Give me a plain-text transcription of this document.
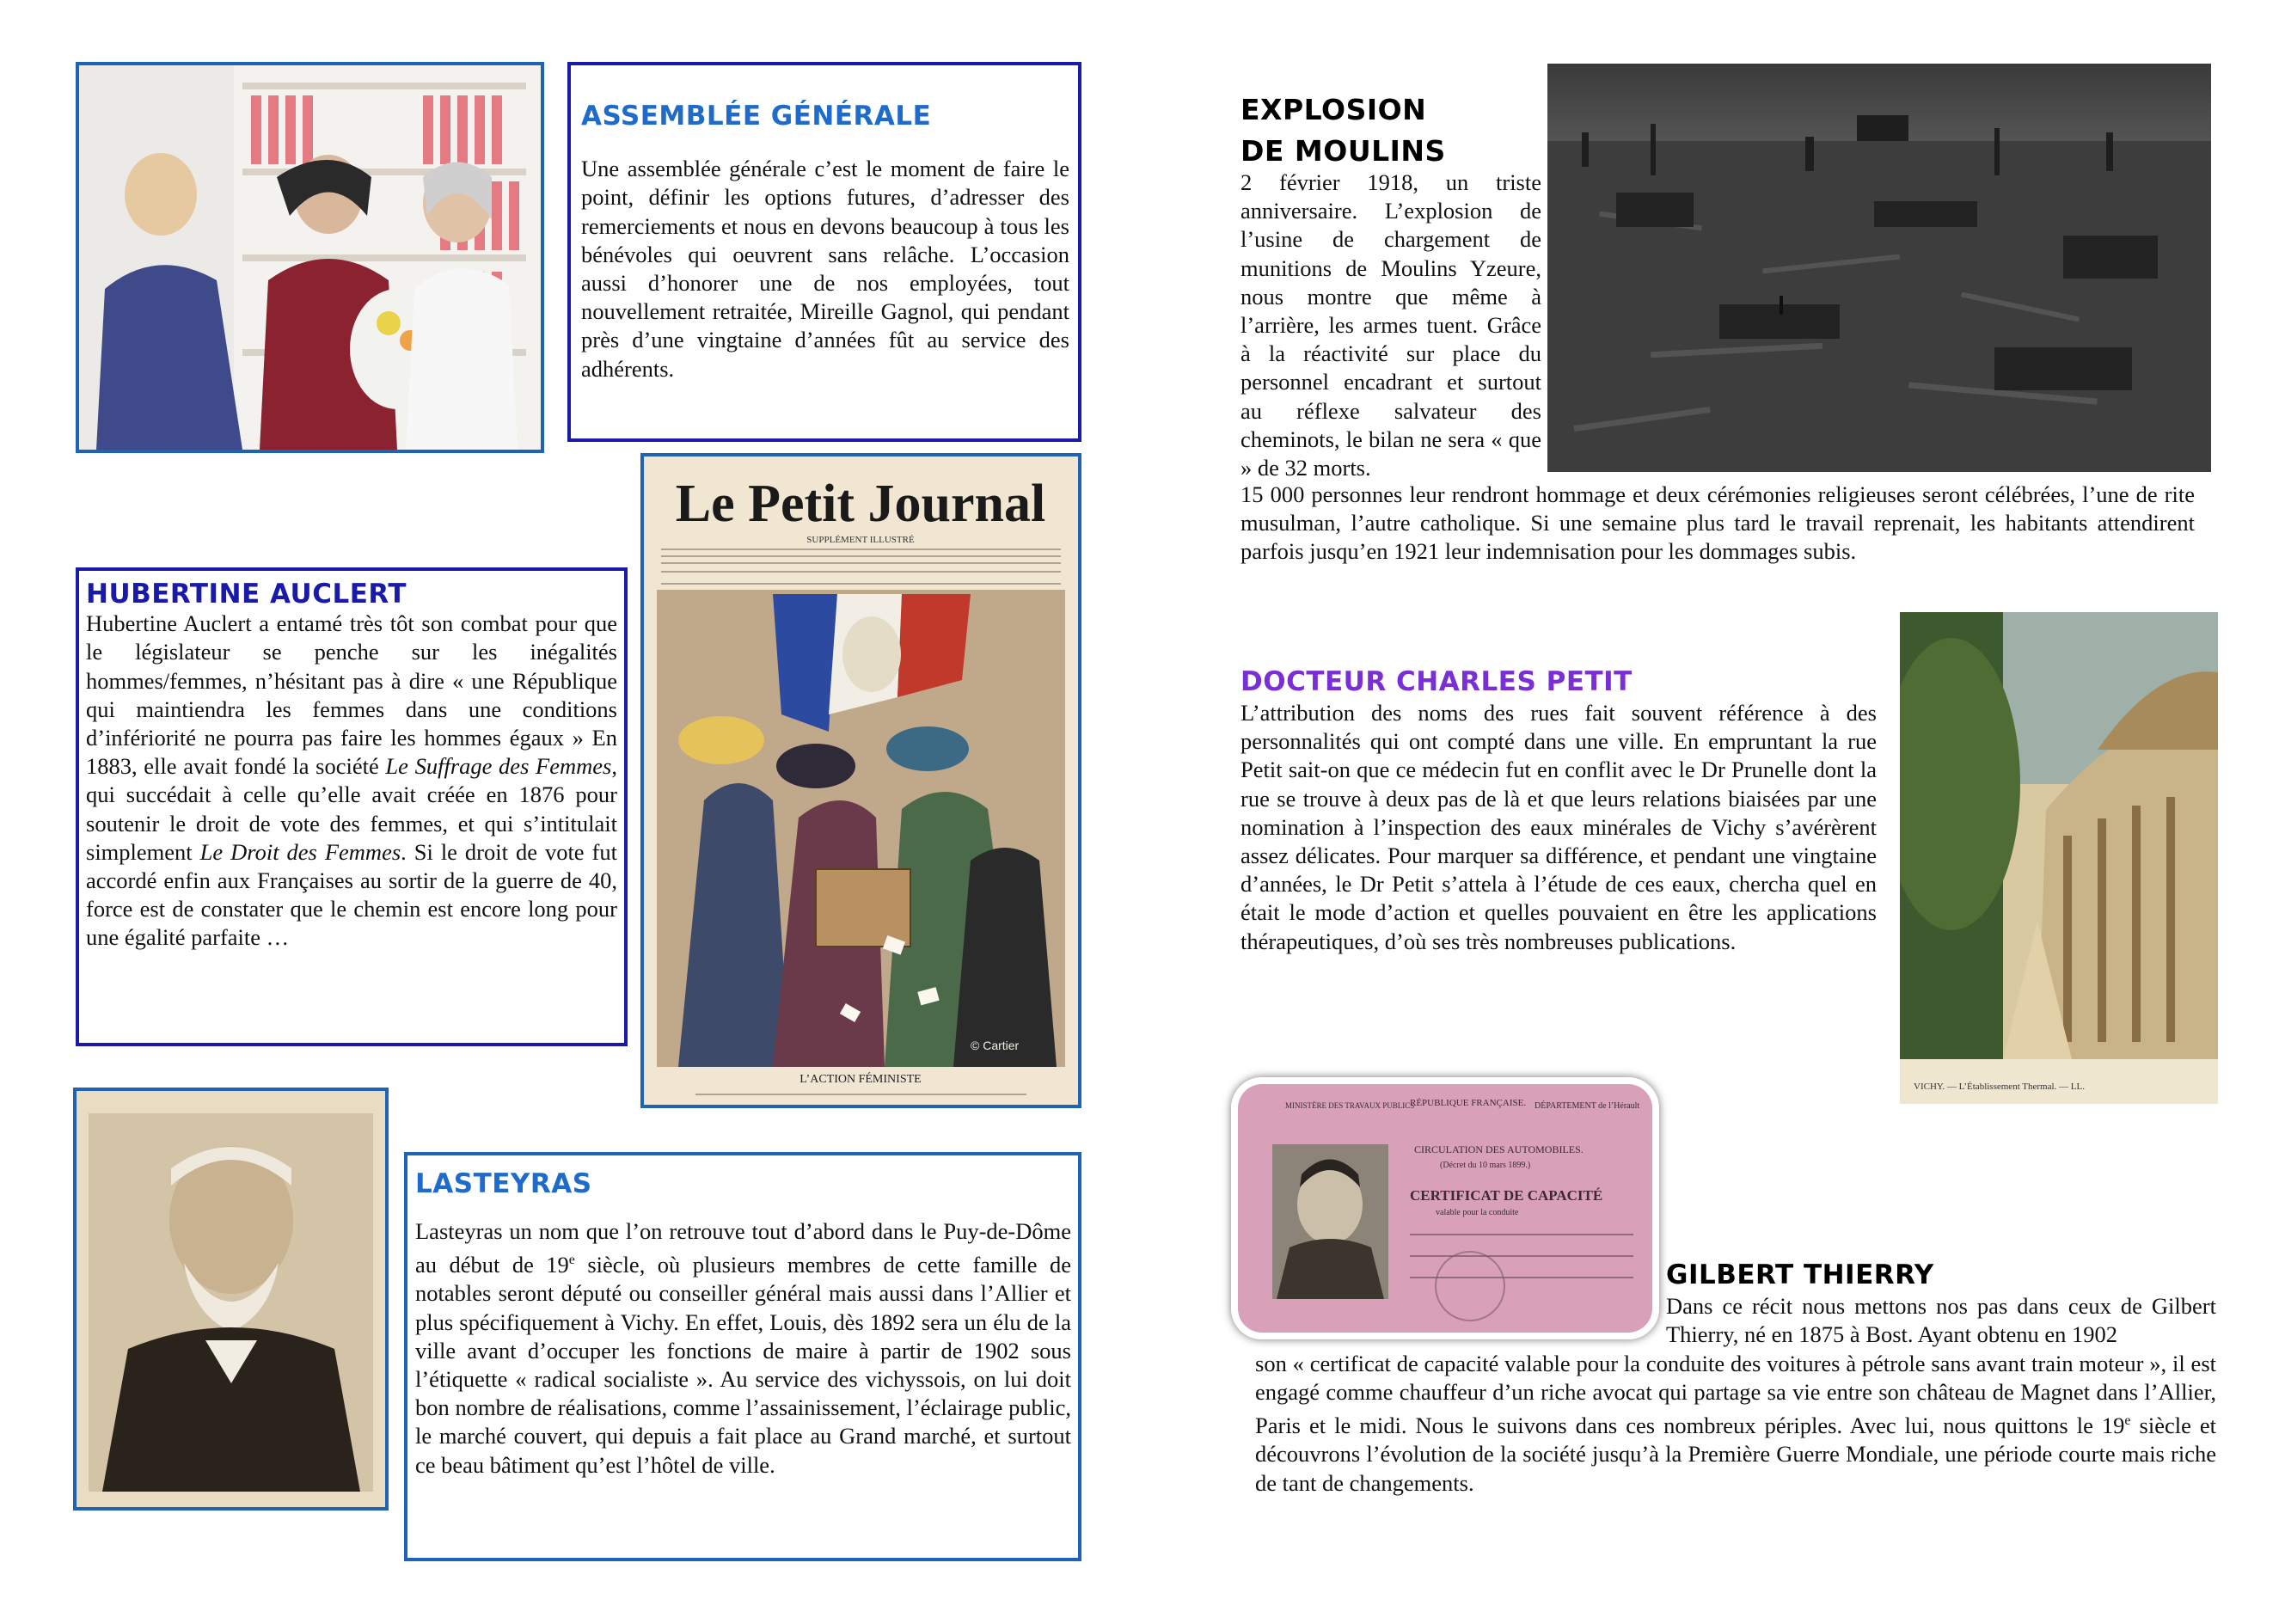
ASSEMBLÉE GÉNÉRALE

Une assemblée générale c’est le moment de faire le point, définir les options futures, d’adresser des remerciements et nous en devons beaucoup à tous les bénévoles qui oeuvrent sans relâche. L’occasion aussi d’honorer une de nos employées, tout nouvellement retraitée, Mireille Gagnol, qui pendant près d’une vingtaine d’années fût au service des adhérents.

HUBERTINE AUCLERT

Hubertine Auclert a entamé très tôt son combat pour que le législateur se penche sur les inégalités hommes/femmes, n’hésitant pas à dire « une République qui maintiendra les femmes dans une conditions d’infériorité ne pourra pas faire les hommes égaux » En 1883, elle avait fondé la société Le Suffrage des Femmes, qui succédait à celle qu’elle avait créée en 1876 pour soutenir le droit de vote des femmes, et qui s’intitulait simplement Le Droit des Femmes. Si le droit de vote fut accordé enfin aux Françaises au sortir de la guerre de 40, force est de constater que le chemin est encore long pour une égalité parfaite …

Le Petit Journal
SUPPLÉMENT ILLUSTRÉ
© Cartier
L’ACTION FÉMINISTE
LASTEYRAS

Lasteyras un nom que l’on retrouve tout d’abord dans le Puy-de-Dôme au début de 19e siècle, où plusieurs membres de cette famille de notables seront député ou conseiller général mais aussi dans l’Allier et plus spécifiquement à Vichy. En effet, Louis, dès 1892 sera un élu de la ville avant d’occuper les fonctions de maire à partir de 1902 sous l’étiquette « radical socialiste ». Au service des vichyssois, on lui doit bon nombre de réalisations, comme l’assainissement, l’éclairage public, le marché couvert, qui depuis a fait place au Grand marché, et surtout ce beau bâtiment qu’est l’hôtel de ville.

EXPLOSION DE MOULINS

2 février 1918, un triste anniversaire. L’explosion de l’usine de chargement de munitions de Moulins Yzeure, nous montre que même à l’arrière, les armes tuent. Grâce à la réactivité sur place du personnel encadrant et surtout au réflexe salvateur des cheminots, le bilan ne sera « que » de 32 morts.

15 000 personnes leur rendront hommage et deux cérémonies religieuses seront célébrées, l’une de rite musulman, l’autre catholique. Si une semaine plus tard le travail reprenait, les habitants attendirent parfois jusqu’en 1921 leur indemnisation pour les dommages subis.

DOCTEUR CHARLES PETIT

L’attribution des noms des rues fait souvent référence à des personnalités qui ont compté dans une ville. En empruntant la rue Petit sait-on que ce médecin fut en conflit avec le Dr Prunelle dont la rue se trouve à deux pas de là et que leurs relations biaisées par une nomination à l’inspection des eaux minérales de Vichy s’avérèrent assez délicates. Pour marquer sa différence, et pendant une vingtaine d’années, le Dr Petit s’attela à l’étude de ces eaux, chercha quel en était le mode d’action et quelles pouvaient en être les applications thérapeutiques, d’où ses très nombreuses publications.

VICHY. — L’Établissement Thermal. — LL.
MINISTÈRE DES TRAVAUX PUBLICS
RÉPUBLIQUE FRANÇAISE. DÉPARTEMENT de l’Hérault
CIRCULATION DES AUTOMOBILES.
(Décret du 10 mars 1899.)
CERTIFICAT DE CAPACITÉ
valable pour la conduite
GILBERT THIERRY

Dans ce récit nous mettons nos pas dans ceux de Gilbert Thierry, né en 1875 à Bost. Ayant obtenu en 1902

son « certificat de capacité valable pour la conduite des voitures à pétrole sans avant train moteur », il est engagé comme chauffeur d’un riche avocat qui partage sa vie entre son château de Magnet dans l’Allier, Paris et le midi. Nous le suivons dans ces nombreux périples. Avec lui, nous quittons le 19e siècle et découvrons l’évolution de la société jusqu’à la Première Guerre Mondiale, une période courte mais riche de tant de changements.
